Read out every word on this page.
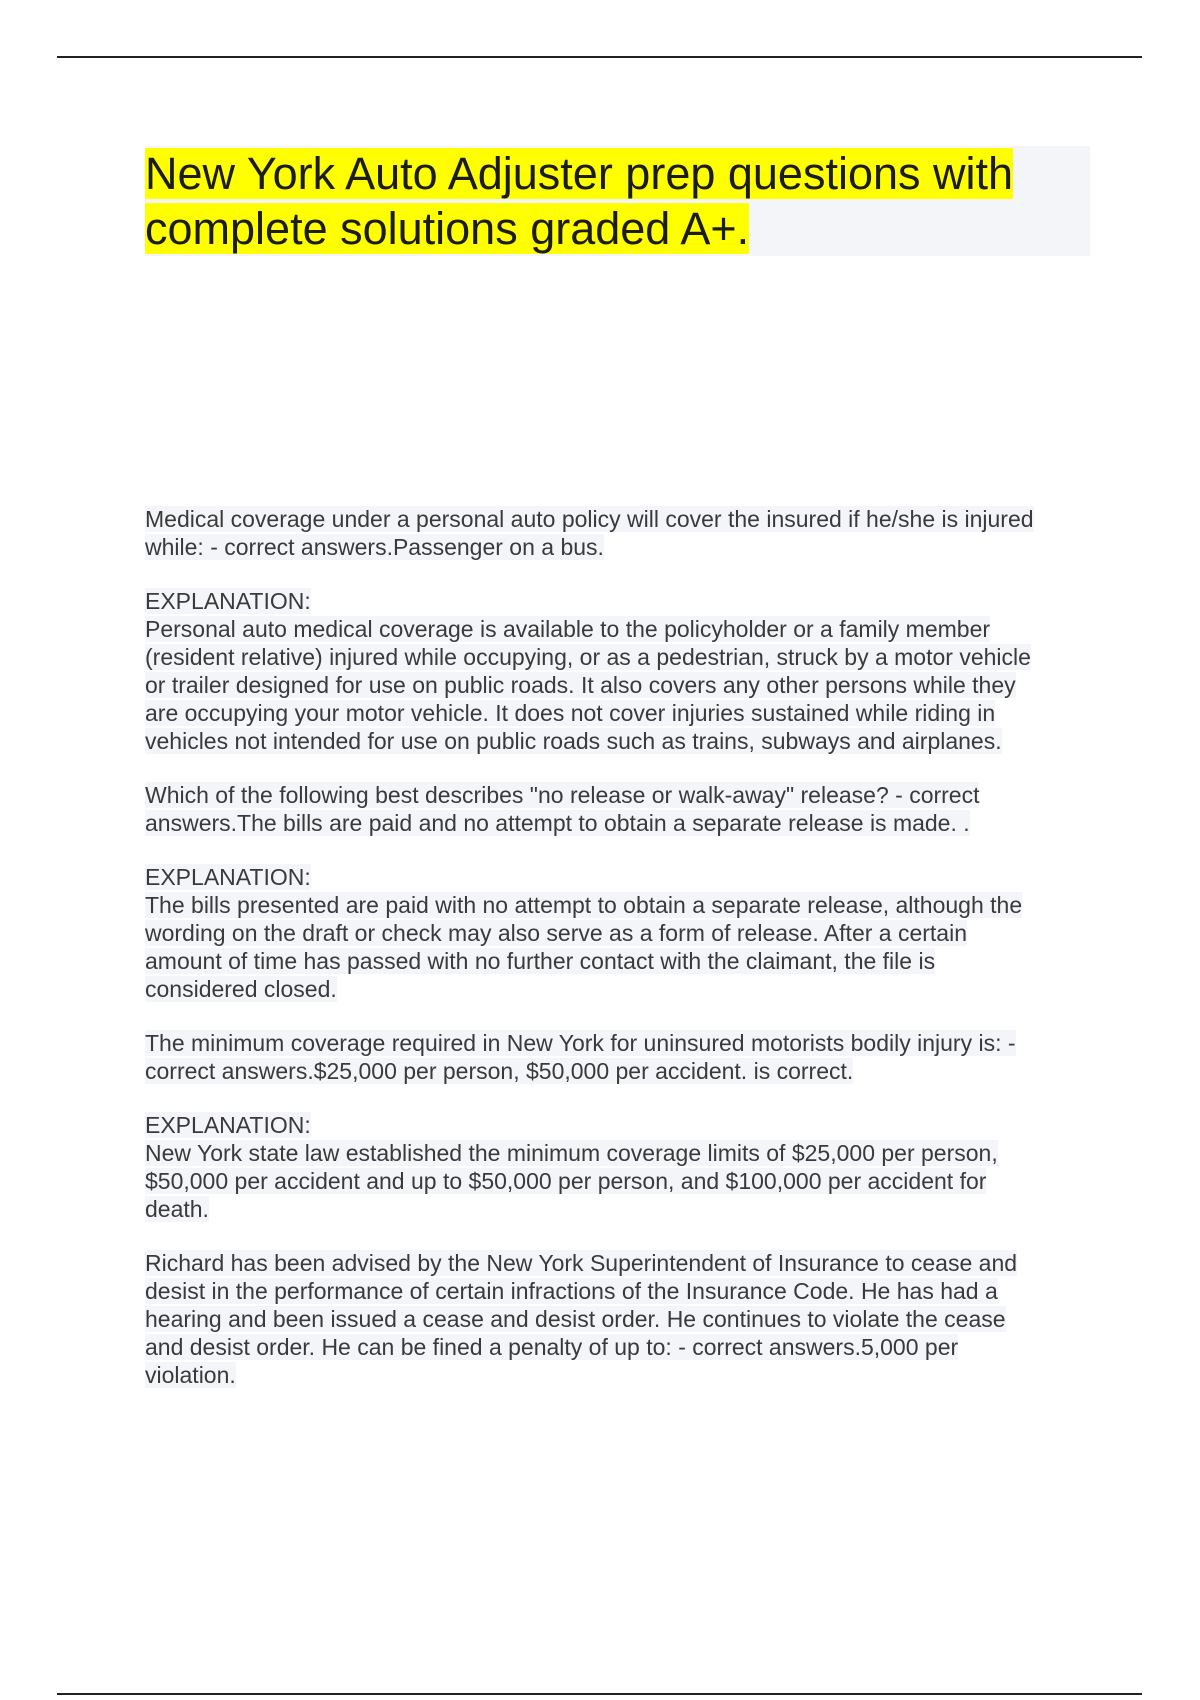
New York Auto Adjuster prep questions with
complete solutions graded A+.

Medical coverage under a personal auto policy will cover the insured if he/she is injured
while: - correct answers.Passenger on a bus.

EXPLANATION:

Personal auto medical coverage is available to the policyholder or a family member
(resident relative) injured while occupying, or as a pedestrian, struck by a motor vehicle
or trailer designed for use on public roads. It also covers any other persons while they
are occupying your motor vehicle. It does not cover injuries sustained while riding in
vehicles not intended for use on public roads such as trains, subways and airplanes.

Which of the following best describes "no release or walk-away" release? - correct
answers.The bills are paid and no attempt to obtain a separate release is made. .

EXPLANATION:

The bills presented are paid with no attempt to obtain a separate release, although the
wording on the draft or check may also serve as a form of release. After a certain
amount of time has passed with no further contact with the claimant, the file is
considered closed.

The minimum coverage required in New York for uninsured motorists bodily injury is: -
correct answers.$25,000 per person, $50,000 per accident. is correct.

EXPLANATION:

New York state law established the minimum coverage limits of $25,000 per person,
$50,000 per accident and up to $50,000 per person, and $100,000 per accident for
death.

Richard has been advised by the New York Superintendent of Insurance to cease and
desist in the performance of certain infractions of the Insurance Code. He has had a
hearing and been issued a cease and desist order. He continues to violate the cease
and desist order. He can be fined a penalty of up to: - correct answers.5,000 per
violation.
